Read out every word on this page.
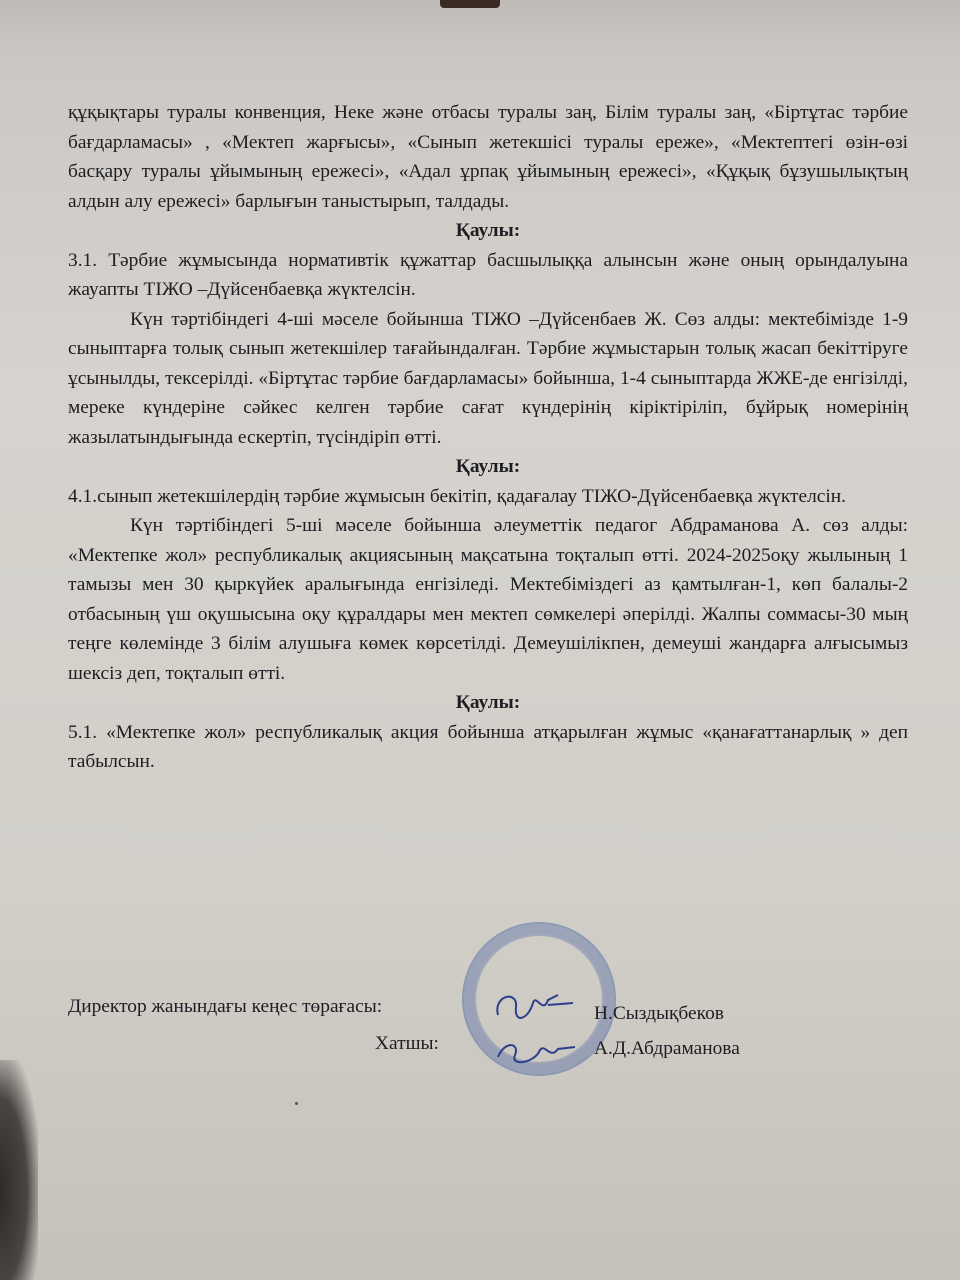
құқықтары туралы конвенция, Неке және отбасы туралы заң, Білім туралы заң, «Біртұтас тәрбие бағдарламасы» , «Мектеп жарғысы», «Сынып жетекшісі туралы ереже», «Мектептегі өзін-өзі басқару туралы ұйымының ережесі», «Адал ұрпақ ұйымының ережесі», «Құқық бұзушылықтың алдын алу ережесі» барлығын таныстырып, талдады.

Қаулы:

3.1. Тәрбие жұмысында нормативтік құжаттар басшылыққа алынсын және оның орындалуына жауапты ТІЖО –Дүйсенбаевқа жүктелсін.

Күн тәртібіндегі 4-ші мәселе бойынша ТІЖО –Дүйсенбаев Ж. Сөз алды: мектебімізде 1-9 сыныптарға толық сынып жетекшілер тағайындалған. Тәрбие жұмыстарын толық жасап бекіттіруге ұсынылды, тексерілді. «Біртұтас тәрбие бағдарламасы» бойынша, 1-4 сыныптарда ЖЖЕ-де енгізілді, мереке күндеріне сәйкес келген тәрбие сағат күндерінің кіріктіріліп, бұйрық номерінің жазылатындығында ескертіп, түсіндіріп өтті.

Қаулы:

4.1.сынып жетекшілердің тәрбие жұмысын бекітіп, қадағалау ТІЖО-Дүйсенбаевқа жүктелсін.

Күн тәртібіндегі 5-ші мәселе бойынша әлеуметтік педагог Абдраманова А. сөз алды: «Мектепке жол» республикалық акциясының мақсатына тоқталып өтті. 2024-2025оқу жылының 1 тамызы мен 30 қыркүйек аралығында енгізіледі. Мектебіміздегі аз қамтылған-1, көп балалы-2 отбасының үш оқушысына оқу құралдары мен мектеп сөмкелері әперілді. Жалпы соммасы-30 мың теңге көлемінде 3 білім алушыға көмек көрсетілді. Демеушілікпен, демеуші жандарға алғысымыз шексіз деп, тоқталып өтті.

Қаулы:

5.1. «Мектепке жол» республикалық акция бойынша атқарылған жұмыс «қанағаттанарлық » деп табылсын.

Директор жанындағы кеңес төрағасы:	Н.Сыздықбеков
Хатшы:	А.Д.Абдраманова
